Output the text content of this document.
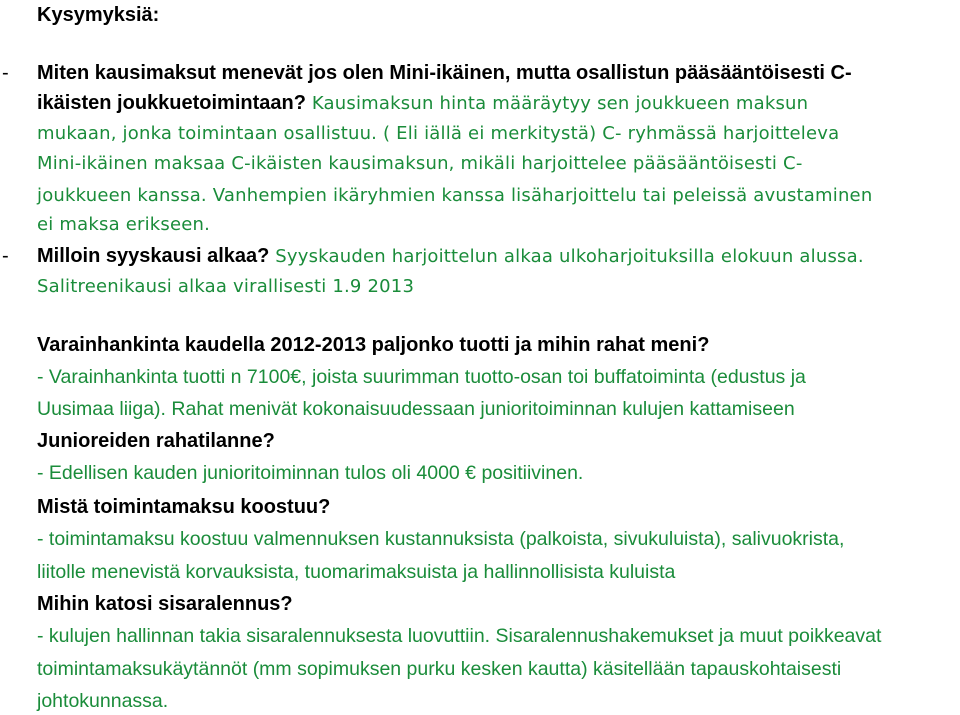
Kysymyksiä:
- Miten kausimaksut menevät jos olen Mini-ikäinen, mutta osallistun pääsääntöisesti C-
ikäisten joukkuetoimintaan? Kausimaksun hinta määräytyy sen joukkueen maksun
mukaan, jonka toimintaan osallistuu. ( Eli iällä ei merkitystä) C- ryhmässä harjoitteleva
Mini-ikäinen maksaa C-ikäisten kausimaksun, mikäli harjoittelee pääsääntöisesti C-
joukkueen kanssa. Vanhempien ikäryhmien kanssa lisäharjoittelu tai peleissä avustaminen
ei maksa erikseen.
- Milloin syyskausi alkaa? Syyskauden harjoittelun alkaa ulkoharjoituksilla elokuun alussa.
Salitreenikausi alkaa virallisesti 1.9 2013
Varainhankinta kaudella 2012-2013 paljonko tuotti ja mihin rahat meni?
- Varainhankinta tuotti n 7100€, joista suurimman tuotto-osan toi buffatoiminta (edustus ja
Uusimaa liiga). Rahat menivät kokonaisuudessaan junioritoiminnan kulujen kattamiseen
Junioreiden rahatilanne?
- Edellisen kauden junioritoiminnan tulos oli 4000 € positiivinen.
Mistä toimintamaksu koostuu?
- toimintamaksu koostuu valmennuksen kustannuksista (palkoista, sivukuluista), salivuokrista,
liitolle menevistä korvauksista, tuomarimaksuista ja hallinnollisista kuluista
Mihin katosi sisaralennus?
- kulujen hallinnan takia sisaralennuksesta luovuttiin. Sisaralennushakemukset ja muut poikkeavat
toimintamaksukäytännöt (mm sopimuksen purku kesken kautta) käsitellään tapauskohtaisesti
johtokunnassa.
